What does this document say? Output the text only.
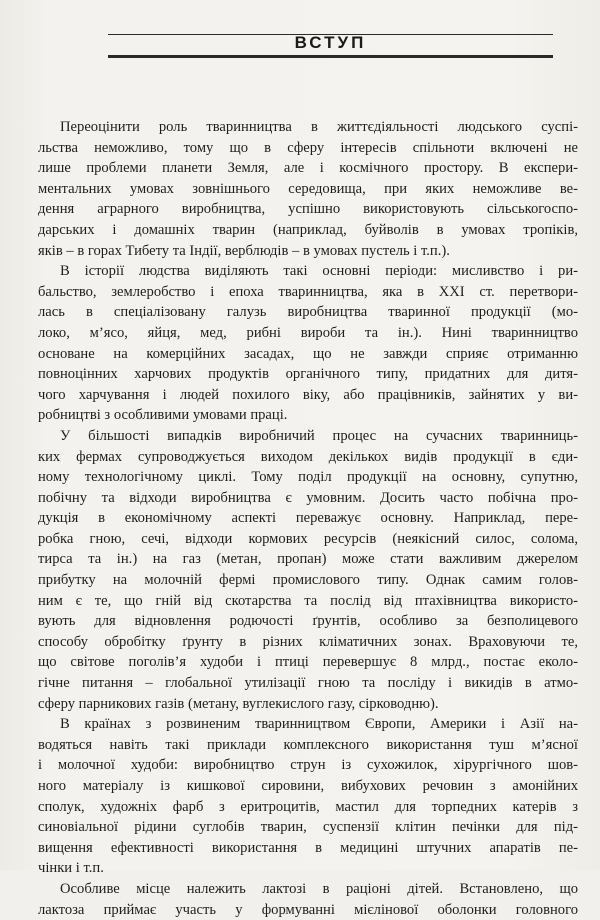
ВСТУП
Переоцінити роль тваринництва в життєдіяльності людського суспі-
льства неможливо, тому що в сферу інтересів спільноти включені не
лише проблеми планети Земля, але і космічного простору. В експери-
ментальних умовах зовнішнього середовища, при яких неможливе ве-
дення аграрного виробництва, успішно використовують сільськогоспо-
дарських і домашніх тварин (наприклад, буйволів в умовах тропіків,
яків – в горах Тибету та Індії, верблюдів – в умовах пустель і т.п.).
В історії людства виділяють такі основні періоди: мисливство і ри-
бальство, землеробство і епоха тваринництва, яка в XXI ст. перетвори-
лась в спеціалізовану галузь виробництва тваринної продукції (мо-
локо, м’ясо, яйця, мед, рибні вироби та ін.). Нині тваринництво
основане на комерційних засадах, що не завжди сприяє отриманню
повноцінних харчових продуктів органічного типу, придатних для дитя-
чого харчування і людей похилого віку, або працівників, зайнятих у ви-
робництві з особливими умовами праці.
У більшості випадків виробничий процес на сучасних тваринниць-
ких фермах супроводжується виходом декількох видів продукції в єди-
ному технологічному циклі. Тому поділ продукції на основну, супутню,
побічну та відходи виробництва є умовним. Досить часто побічна про-
дукція в економічному аспекті переважує основну. Наприклад, пере-
робка гною, сечі, відходи кормових ресурсів (неякісний силос, солома,
тирса та ін.) на газ (метан, пропан) може стати важливим джерелом
прибутку на молочній фермі промислового типу. Однак самим голов-
ним є те, що гній від скотарства та послід від птахівництва використо-
вують для відновлення родючості ґрунтів, особливо за безполицевого
способу обробітку ґрунту в різних кліматичних зонах. Враховуючи те,
що світове поголів’я худоби і птиці перевершує 8 млрд., постає еколо-
гічне питання – глобальної утилізації гною та посліду і викидів в атмо-
сферу парникових газів (метану, вуглекислого газу, сірководню).
В країнах з розвиненим тваринництвом Європи, Америки і Азії на-
водяться навіть такі приклади комплексного використання туш м’ясної
і молочної худоби: виробництво струн із сухожилок, хірургічного шов-
ного матеріалу із кишкової сировини, вибухових речовин з амонійних
сполук, художніх фарб з еритроцитів, мастил для торпедних катерів з
синовіальної рідини суглобів тварин, суспензії клітин печінки для під-
вищення ефективності використання в медицині штучних апаратів пе-
чінки і т.п.
Особливе місце належить лактозі в раціоні дітей. Встановлено, що
лактоза приймає участь у формуванні мієлінової оболонки головного
